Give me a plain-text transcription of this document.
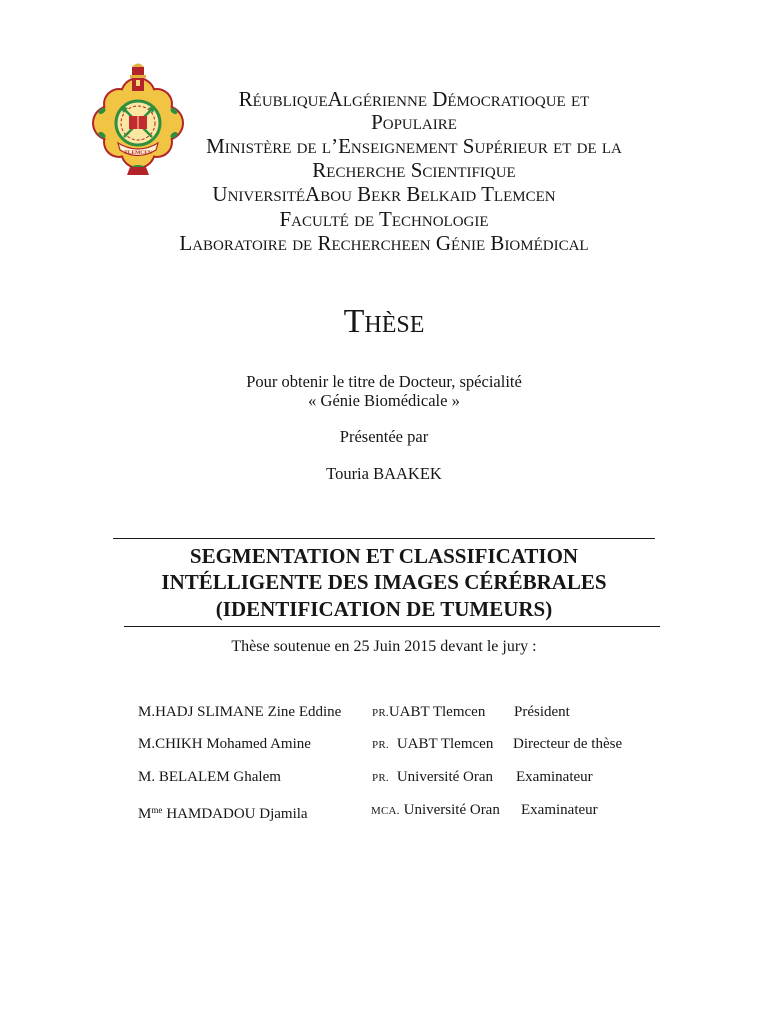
TLEMCEN
RéubliqueAlgérienne Démocratioque et
Populaire
Ministère de l’Enseignement Supérieur et de la
Recherche Scientifique
UniversitéAbou Bekr Belkaid Tlemcen
Faculté de Technologie
Laboratoire de Rechercheen Génie Biomédical
Thèse
Pour obtenir le titre de Docteur, spécialité
« Génie Biomédicale »
Présentée par
Touria BAAKEK
SEGMENTATION ET CLASSIFICATION
INTÉLLIGENTE DES IMAGES CÉRÉBRALES
(IDENTIFICATION DE TUMEURS)
Thèse soutenue en 25 Juin 2015 devant le jury :
M.HADJ SLIMANE Zine Eddine	PR.UABT Tlemcen Président
M.CHIKH Mohamed Amine	PR. UABT Tlemcen Directeur de thèse
M. BELALEM Ghalem	PR. Université Oran Examinateur
$M^{me}$ HAMDADOU Djamila	MCA. Université Oran Examinateur
